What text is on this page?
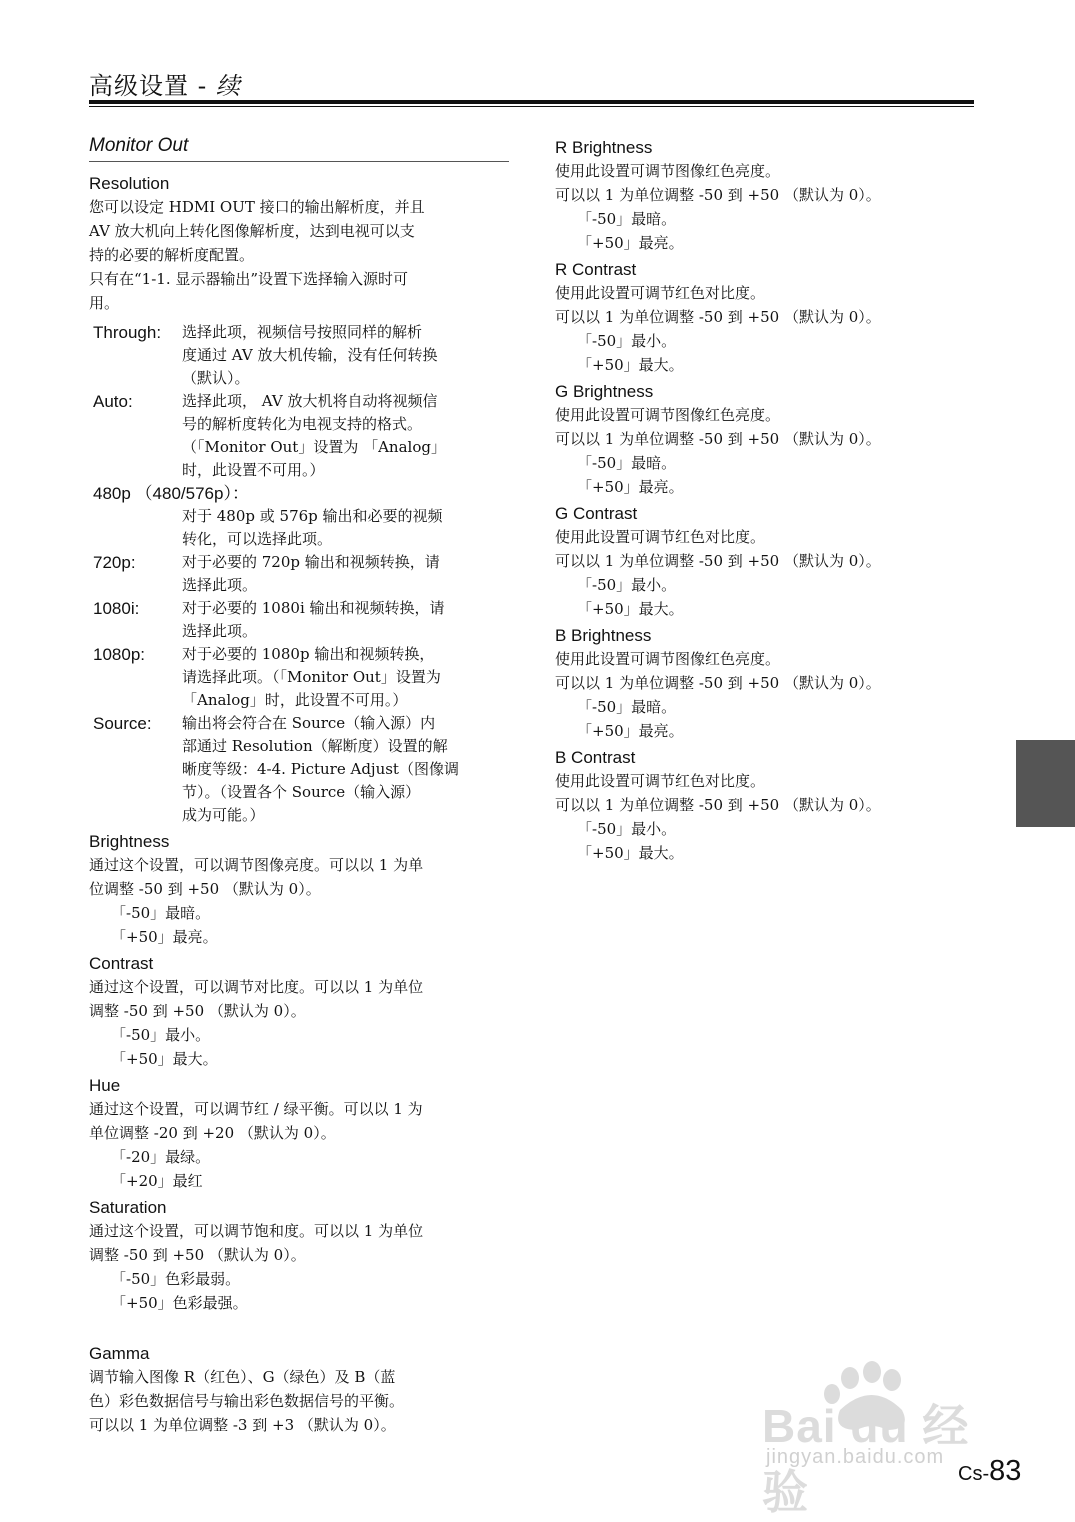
高级设置 - 续
Monitor Out
Resolution
您可以设定 HDMI OUT 接口的输出解析度，并且
AV 放大机向上转化图像解析度，达到电视可以支
持的必要的解析度配置。
只有在“1-1. 显示器输出”设置下选择输入源时可
用。
Through:	选择此项，视频信号按照同样的解析
度通过 AV 放大机传输，没有任何转换
（默认）。
Auto:	选择此项， AV 放大机将自动将视频信
号的解析度转化为电视支持的格式。
（「Monitor Out」设置为 「Analog」
时，此设置不可用。）
480p （480/576p）：
对于 480p 或 576p 输出和必要的视频
转化，可以选择此项。
720p:	对于必要的 720p 输出和视频转换，请
选择此项。
1080i:	对于必要的 1080i 输出和视频转换，请
选择此项。
1080p:	对于必要的 1080p 输出和视频转换，
请选择此项。（「Monitor Out」设置为
「Analog」时，此设置不可用。）
Source:	输出将会符合在 Source（输入源）内
部通过 Resolution（解断度）设置的解
晰度等级：4-4. Picture Adjust（图像调
节）。（设置各个 Source（输入源）
成为可能。）
Brightness
通过这个设置，可以调节图像亮度。可以以 1 为单
位调整 -50 到 +50 （默认为 0）。
「-50」最暗。
「+50」最亮。
Contrast
通过这个设置，可以调节对比度。可以以 1 为单位
调整 -50 到 +50 （默认为 0）。
「-50」最小。
「+50」最大。
Hue
通过这个设置，可以调节红 / 绿平衡。可以以 1 为
单位调整 -20 到 +20 （默认为 0）。
「-20」最绿。
「+20」最红
Saturation
通过这个设置，可以调节饱和度。可以以 1 为单位
调整 -50 到 +50 （默认为 0）。
「-50」色彩最弱。
「+50」色彩最强。
Gamma
调节输入图像 R（红色）、G（绿色）及 B（蓝
色）彩色数据信号与输出彩色数据信号的平衡。
可以以 1 为单位调整 -3 到 +3 （默认为 0）。
R Brightness
使用此设置可调节图像红色亮度。
可以以 1 为单位调整 -50 到 +50 （默认为 0）。
「-50」最暗。
「+50」最亮。
R Contrast
使用此设置可调节红色对比度。
可以以 1 为单位调整 -50 到 +50 （默认为 0）。
「-50」最小。
「+50」最大。
G Brightness
使用此设置可调节图像红色亮度。
可以以 1 为单位调整 -50 到 +50 （默认为 0）。
「-50」最暗。
「+50」最亮。
G Contrast
使用此设置可调节红色对比度。
可以以 1 为单位调整 -50 到 +50 （默认为 0）。
「-50」最小。
「+50」最大。
B Brightness
使用此设置可调节图像红色亮度。
可以以 1 为单位调整 -50 到 +50 （默认为 0）。
「-50」最暗。
「+50」最亮。
B Contrast
使用此设置可调节红色对比度。
可以以 1 为单位调整 -50 到 +50 （默认为 0）。
「-50」最小。
「+50」最大。
Bai du 经验
jingyan.baidu.com
Cs-83
